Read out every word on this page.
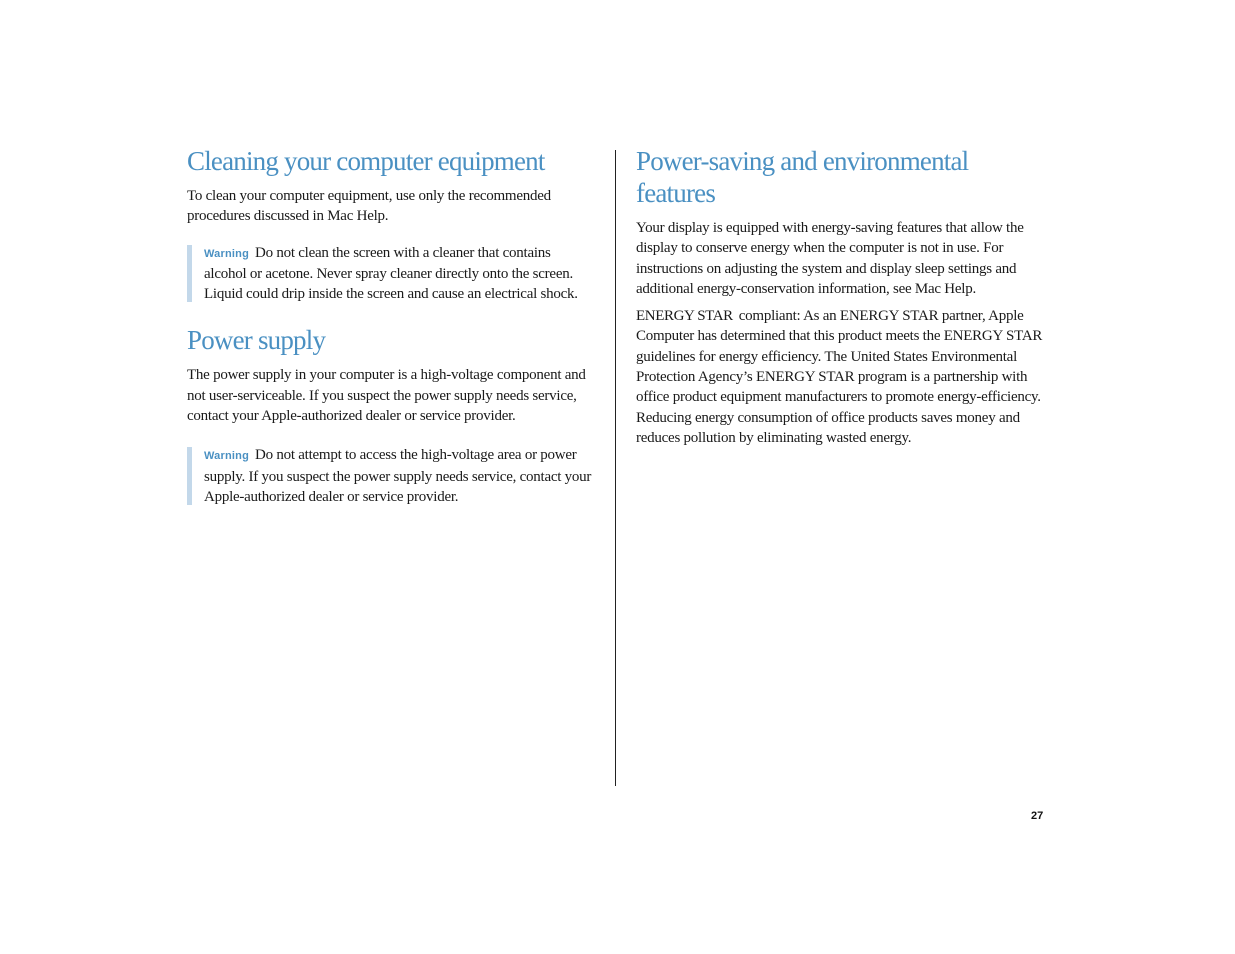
Cleaning your computer equipment

To clean your computer equipment, use only the recommended procedures discussed in Mac Help.

Warning Do not clean the screen with a cleaner that contains alcohol or acetone. Never spray cleaner directly onto the screen. Liquid could drip inside the screen and cause an electrical shock.
Power supply

The power supply in your computer is a high-voltage component and not user-serviceable. If you suspect the power supply needs service, contact your Apple-authorized dealer or service provider.

Warning Do not attempt to access the high-voltage area or power supply. If you suspect the power supply needs service, contact your Apple-authorized dealer or service provider.
Power-saving and environmental features

Your display is equipped with energy-saving features that allow the display to conserve energy when the computer is not in use. For instructions on adjusting the system and display sleep settings and additional energy-conservation information, see Mac Help.

ENERGY STAR compliant: As an ENERGY STAR partner, Apple Computer has determined that this product meets the ENERGY STAR guidelines for energy efficiency. The United States Environmental Protection Agency’s ENERGY STAR program is a partnership with office product equipment manufacturers to promote energy-efficiency. Reducing energy consumption of office products saves money and reduces pollution by eliminating wasted energy.

27
